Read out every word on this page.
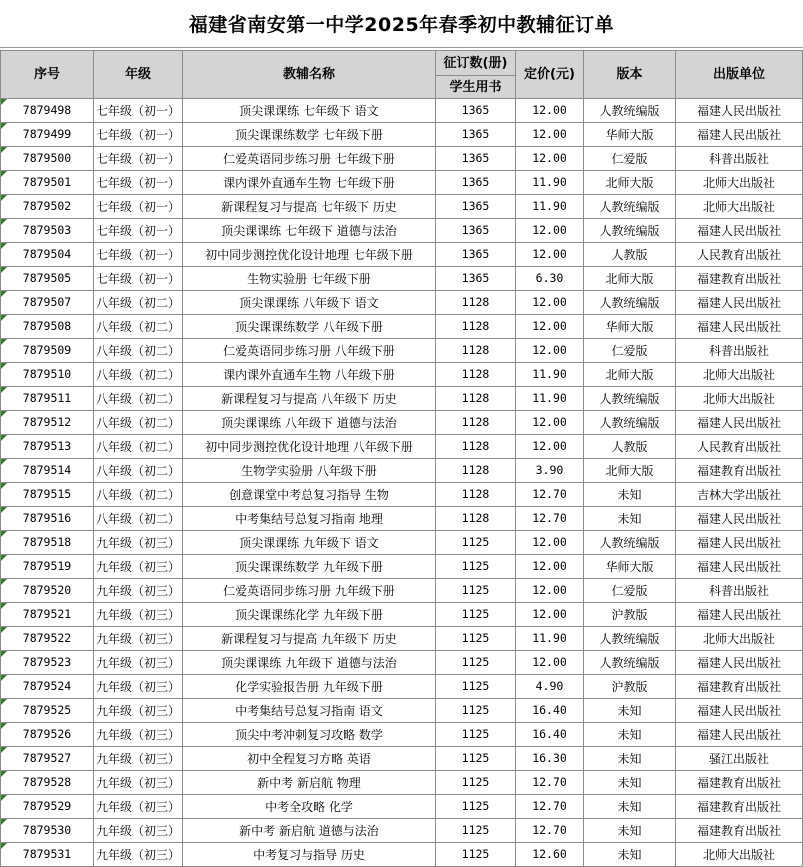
福建省南安第一中学2025年春季初中教辅征订单
序号	年级	教辅名称	征订数(册)	定价(元)	版本	出版单位
			学生用书			
7879498	七年级（初一）	顶尖课课练 七年级下 语文	1365	12.00	人教统编版	福建人民出版社
7879499	七年级（初一）	顶尖课课练数学 七年级下册	1365	12.00	华师大版	福建人民出版社
7879500	七年级（初一）	仁爱英语同步练习册 七年级下册	1365	12.00	仁爱版	科普出版社
7879501	七年级（初一）	课内课外直通车生物 七年级下册	1365	11.90	北师大版	北师大出版社
7879502	七年级（初一）	新课程复习与提高 七年级下 历史	1365	11.90	人教统编版	北师大出版社
7879503	七年级（初一）	顶尖课课练 七年级下 道德与法治	1365	12.00	人教统编版	福建人民出版社
7879504	七年级（初一）	初中同步测控优化设计地理 七年级下册	1365	12.00	人教版	人民教育出版社
7879505	七年级（初一）	生物实验册 七年级下册	1365	6.30	北师大版	福建教育出版社
7879507	八年级（初二）	顶尖课课练 八年级下 语文	1128	12.00	人教统编版	福建人民出版社
7879508	八年级（初二）	顶尖课课练数学 八年级下册	1128	12.00	华师大版	福建人民出版社
7879509	八年级（初二）	仁爱英语同步练习册 八年级下册	1128	12.00	仁爱版	科普出版社
7879510	八年级（初二）	课内课外直通车生物 八年级下册	1128	11.90	北师大版	北师大出版社
7879511	八年级（初二）	新课程复习与提高 八年级下 历史	1128	11.90	人教统编版	北师大出版社
7879512	八年级（初二）	顶尖课课练 八年级下 道德与法治	1128	12.00	人教统编版	福建人民出版社
7879513	八年级（初二）	初中同步测控优化设计地理 八年级下册	1128	12.00	人教版	人民教育出版社
7879514	八年级（初二）	生物学实验册 八年级下册	1128	3.90	北师大版	福建教育出版社
7879515	八年级（初二）	创意课堂中考总复习指导 生物	1128	12.70	未知	吉林大学出版社
7879516	八年级（初二）	中考集结号总复习指南 地理	1128	12.70	未知	福建人民出版社
7879518	九年级（初三）	顶尖课课练 九年级下 语文	1125	12.00	人教统编版	福建人民出版社
7879519	九年级（初三）	顶尖课课练数学 九年级下册	1125	12.00	华师大版	福建人民出版社
7879520	九年级（初三）	仁爱英语同步练习册 九年级下册	1125	12.00	仁爱版	科普出版社
7879521	九年级（初三）	顶尖课课练化学 九年级下册	1125	12.00	沪教版	福建人民出版社
7879522	九年级（初三）	新课程复习与提高 九年级下 历史	1125	11.90	人教统编版	北师大出版社
7879523	九年级（初三）	顶尖课课练 九年级下 道德与法治	1125	12.00	人教统编版	福建人民出版社
7879524	九年级（初三）	化学实验报告册 九年级下册	1125	4.90	沪教版	福建教育出版社
7879525	九年级（初三）	中考集结号总复习指南 语文	1125	16.40	未知	福建人民出版社
7879526	九年级（初三）	顶尖中考冲刺复习攻略 数学	1125	16.40	未知	福建人民出版社
7879527	九年级（初三）	初中全程复习方略 英语	1125	16.30	未知	骚江出版社
7879528	九年级（初三）	新中考 新启航 物理	1125	12.70	未知	福建教育出版社
7879529	九年级（初三）	中考全攻略 化学	1125	12.70	未知	福建教育出版社
7879530	九年级（初三）	新中考 新启航 道德与法治	1125	12.70	未知	福建教育出版社
7879531	九年级（初三）	中考复习与指导 历史	1125	12.60	未知	北师大出版社
